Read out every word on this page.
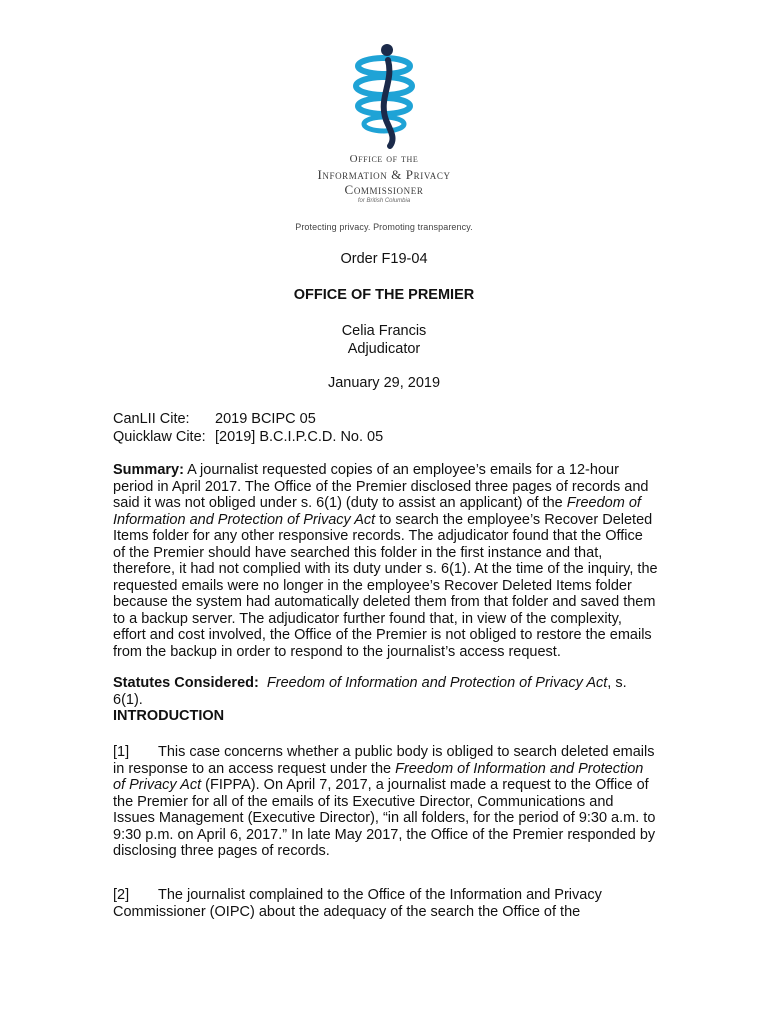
Office of the
Information & Privacy
Commissioner
for British Columbia
Protecting privacy. Promoting transparency.
Order F19-04
OFFICE OF THE PREMIER
Celia Francis
Adjudicator
January 29, 2019
CanLII Cite:	2019 BCIPC 05
Quicklaw Cite: [2019] B.C.I.P.C.D. No. 05
Summary: A journalist requested copies of an employee’s emails for a 12-hour period in April 2017. The Office of the Premier disclosed three pages of records and said it was not obliged under s. 6(1) (duty to assist an applicant) of the Freedom of Information and Protection of Privacy Act to search the employee’s Recover Deleted Items folder for any other responsive records. The adjudicator found that the Office of the Premier should have searched this folder in the first instance and that, therefore, it had not complied with its duty under s. 6(1). At the time of the inquiry, the requested emails were no longer in the employee’s Recover Deleted Items folder because the system had automatically deleted them from that folder and saved them to a backup server. The adjudicator further found that, in view of the complexity, effort and cost involved, the Office of the Premier is not obliged to restore the emails from the backup in order to respond to the journalist’s access request.
Statutes Considered: Freedom of Information and Protection of Privacy Act, s. 6(1).
INTRODUCTION
[1] This case concerns whether a public body is obliged to search deleted emails in response to an access request under the Freedom of Information and Protection of Privacy Act (FIPPA). On April 7, 2017, a journalist made a request to the Office of the Premier for all of the emails of its Executive Director, Communications and Issues Management (Executive Director), “in all folders, for the period of 9:30 a.m. to 9:30 p.m. on April 6, 2017.” In late May 2017, the Office of the Premier responded by disclosing three pages of records.
[2] The journalist complained to the Office of the Information and Privacy Commissioner (OIPC) about the adequacy of the search the Office of the
